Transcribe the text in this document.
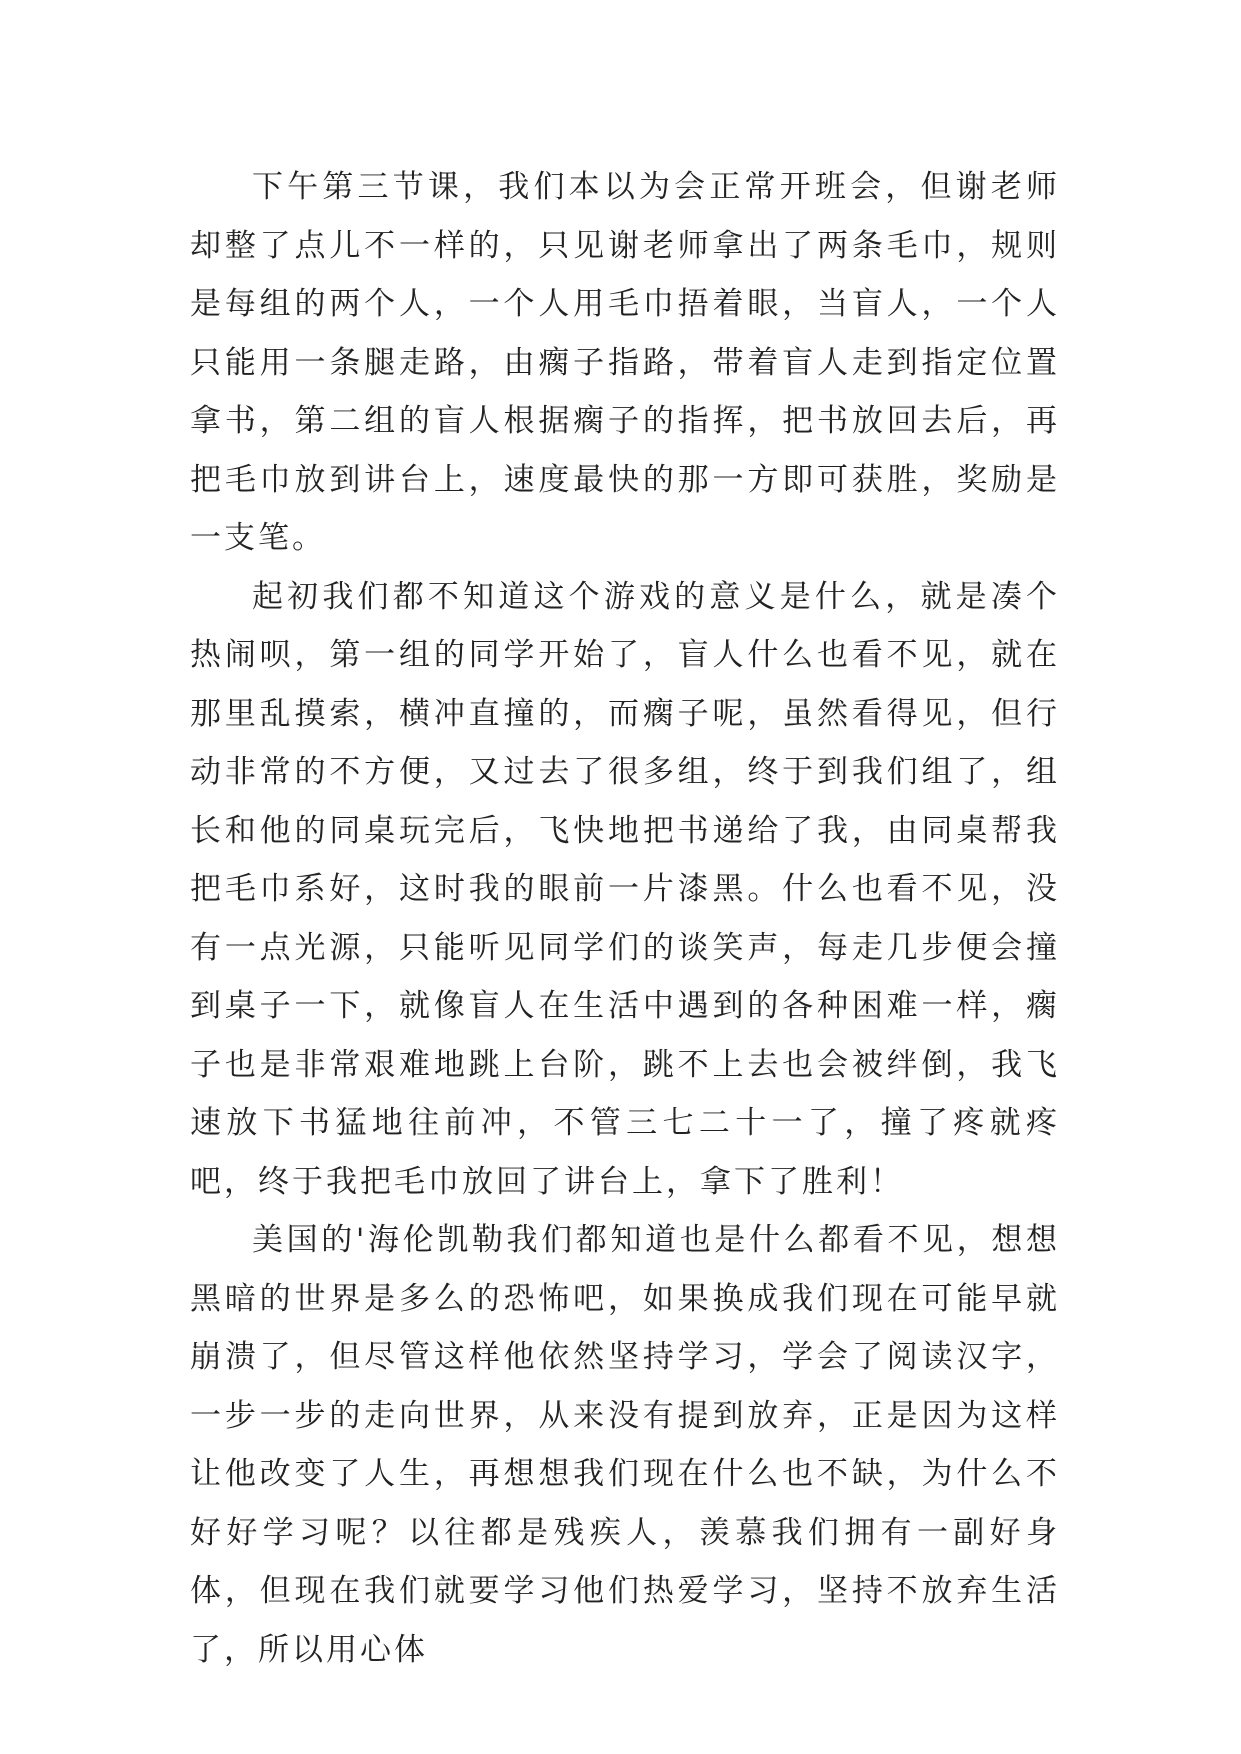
下午第三节课，我们本以为会正常开班会，但谢老师却整了点儿不一样的，只见谢老师拿出了两条毛巾，规则是每组的两个人，一个人用毛巾捂着眼，当盲人，一个人只能用一条腿走路，由瘸子指路，带着盲人走到指定位置拿书，第二组的盲人根据瘸子的指挥，把书放回去后，再把毛巾放到讲台上，速度最快的那一方即可获胜，奖励是一支笔。

起初我们都不知道这个游戏的意义是什么，就是凑个热闹呗，第一组的同学开始了，盲人什么也看不见，就在那里乱摸索，横冲直撞的，而瘸子呢，虽然看得见，但行动非常的不方便，又过去了很多组，终于到我们组了，组长和他的同桌玩完后，飞快地把书递给了我，由同桌帮我把毛巾系好，这时我的眼前一片漆黑。什么也看不见，没有一点光源，只能听见同学们的谈笑声，每走几步便会撞到桌子一下，就像盲人在生活中遇到的各种困难一样，瘸子也是非常艰难地跳上台阶，跳不上去也会被绊倒，我飞速放下书猛地往前冲，不管三七二十一了，撞了疼就疼吧，终于我把毛巾放回了讲台上，拿下了胜利！

美国的'海伦凯勒我们都知道也是什么都看不见，想想黑暗的世界是多么的恐怖吧，如果换成我们现在可能早就崩溃了，但尽管这样他依然坚持学习，学会了阅读汉字，一步一步的走向世界，从来没有提到放弃，正是因为这样让他改变了人生，再想想我们现在什么也不缺，为什么不好好学习呢？以往都是残疾人，羡慕我们拥有一副好身体，但现在我们就要学习他们热爱学习，坚持不放弃生活了，所以用心体
